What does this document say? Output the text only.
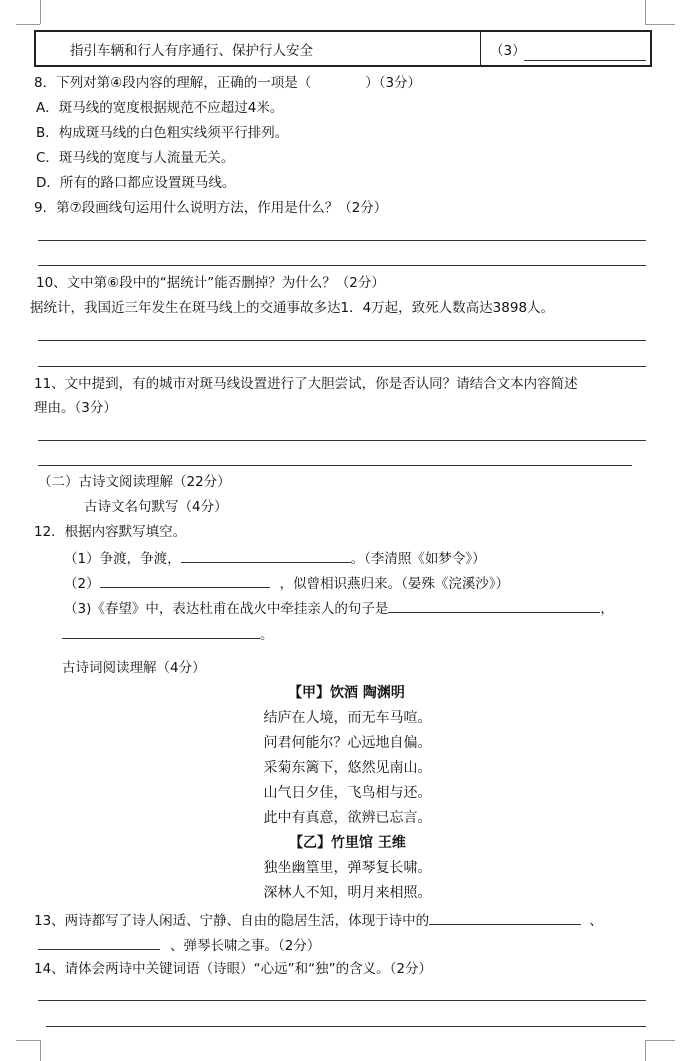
指引车辆和行人有序通行、保护行人安全	（3）
8．下列对第④段内容的理解，正确的一项是（　　　　）（3分）
A．斑马线的宽度根据规范不应超过4米。
B．构成斑马线的白色粗实线须平行排列。
C．斑马线的宽度与人流量无关。
D．所有的路口都应设置斑马线。
9．第⑦段画线句运用什么说明方法，作用是什么？（2分）
10、文中第⑥段中的“据统计”能否删掉？为什么？（2分）
据统计，我国近三年发生在斑马线上的交通事故多达1．4万起，致死人数高达3898人。
11、文中提到，有的城市对斑马线设置进行了大胆尝试，你是否认同？请结合文本内容简述
理由。（3分）
（二）古诗文阅读理解（22分）
古诗文名句默写（4分）
12．根据内容默写填空。
（1）争渡，争渡，	。（李清照《如梦令》）
（2）	，似曾相识燕归来。（晏殊《浣溪沙》）
（3)《春望》中，表达杜甫在战火中牵挂亲人的句子是	，
。
古诗词阅读理解（4分）
【甲】饮酒 陶渊明
结庐在人境，而无车马喧。
问君何能尔？心远地自偏。
采菊东篱下，悠然见南山。
山气日夕佳，飞鸟相与还。
此中有真意，欲辨已忘言。
【乙】竹里馆 王维
独坐幽篁里，弹琴复长啸。
深林人不知，明月来相照。
13、两诗都写了诗人闲适、宁静、自由的隐居生活，体现于诗中的	、
、弹琴长啸之事。（2分）
14、请体会两诗中关键词语（诗眼）“心远”和“独”的含义。（2分）
